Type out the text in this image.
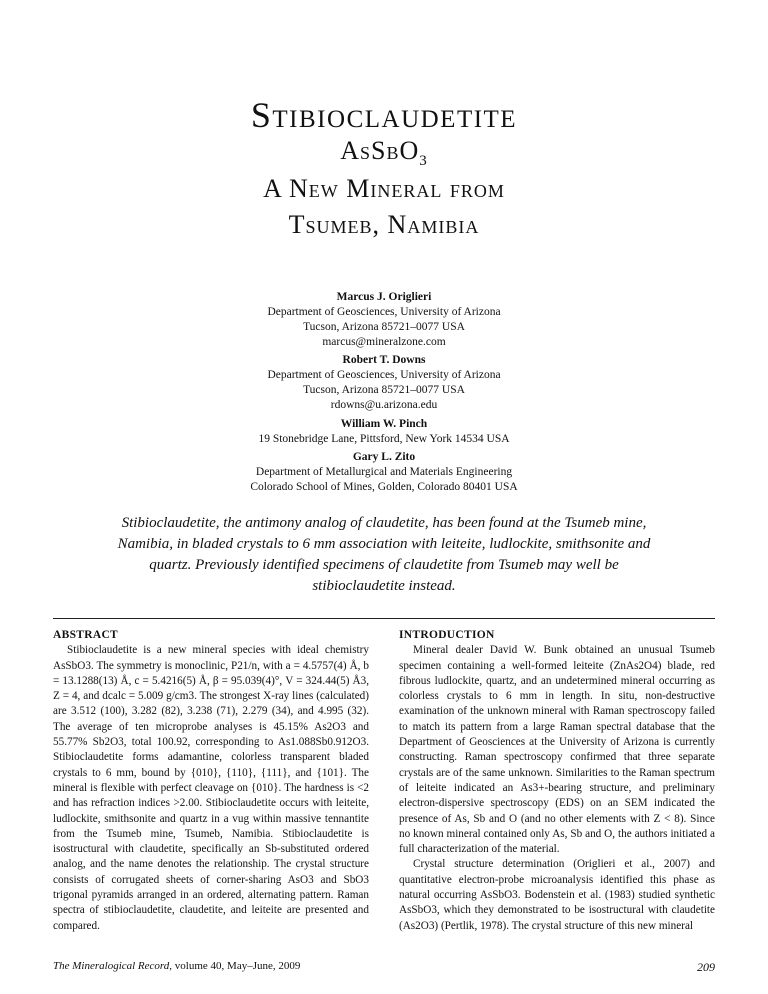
Stibioclaudetite
AsSbO$_3$
A New Mineral from
Tsumeb, Namibia
Marcus J. Origlieri
Department of Geosciences, University of Arizona
Tucson, Arizona 85721–0077 USA
marcus@mineralzone.com
Robert T. Downs
Department of Geosciences, University of Arizona
Tucson, Arizona 85721–0077 USA
rdowns@u.arizona.edu
William W. Pinch
19 Stonebridge Lane, Pittsford, New York 14534 USA
Gary L. Zito
Department of Metallurgical and Materials Engineering
Colorado School of Mines, Golden, Colorado 80401 USA
Stibioclaudetite, the antimony analog of claudetite, has been found at the Tsumeb mine, Namibia, in bladed crystals to 6 mm association with leiteite, ludlockite, smithsonite and quartz. Previously identified specimens of claudetite from Tsumeb may well be stibioclaudetite instead.
ABSTRACT

Stibioclaudetite is a new mineral species with ideal chemistry AsSbO3. The symmetry is monoclinic, P21/n, with a = 4.5757(4) Å, b = 13.1288(13) Å, c = 5.4216(5) Å, β = 95.039(4)°, V = 324.44(5) Å3, Z = 4, and dcalc = 5.009 g/cm3. The strongest X-ray lines (calculated) are 3.512 (100), 3.282 (82), 3.238 (71), 2.279 (34), and 4.995 (32). The average of ten microprobe analyses is 45.15% As2O3 and 55.77% Sb2O3, total 100.92, corresponding to As1.088Sb0.912O3. Stibioclaudetite forms adamantine, colorless transparent bladed crystals to 6 mm, bound by {010}, {110}, {111}, and {101}. The mineral is flexible with perfect cleavage on {010}. The hardness is <2 and has refraction indices >2.00. Stibioclaudetite occurs with leiteite, ludlockite, smithsonite and quartz in a vug within massive tennantite from the Tsumeb mine, Tsumeb, Namibia. Stibioclaudetite is isostructural with claudetite, specifically an Sb-substituted ordered analog, and the name denotes the relationship. The crystal structure consists of corrugated sheets of corner-sharing AsO3 and SbO3 trigonal pyramids arranged in an ordered, alternating pattern. Raman spectra of stibioclaudetite, claudetite, and leiteite are presented and compared.

INTRODUCTION

Mineral dealer David W. Bunk obtained an unusual Tsumeb specimen containing a well-formed leiteite (ZnAs2O4) blade, red fibrous ludlockite, quartz, and an undetermined mineral occurring as colorless crystals to 6 mm in length. In situ, non-destructive examination of the unknown mineral with Raman spectroscopy failed to match its pattern from a large Raman spectral database that the Department of Geosciences at the University of Arizona is currently constructing. Raman spectroscopy confirmed that three separate crystals are of the same unknown. Similarities to the Raman spectrum of leiteite indicated an As3+-bearing structure, and preliminary electron-dispersive spectroscopy (EDS) on an SEM indicated the presence of As, Sb and O (and no other elements with Z < 8). Since no known mineral contained only As, Sb and O, the authors initiated a full characterization of the material.

Crystal structure determination (Origlieri et al., 2007) and quantitative electron-probe microanalysis identified this phase as natural occurring AsSbO3. Bodenstein et al. (1983) studied synthetic AsSbO3, which they demonstrated to be isostructural with claudetite (As2O3) (Pertlik, 1978). The crystal structure of this new mineral

The Mineralogical Record, volume 40, May–June, 2009	209
